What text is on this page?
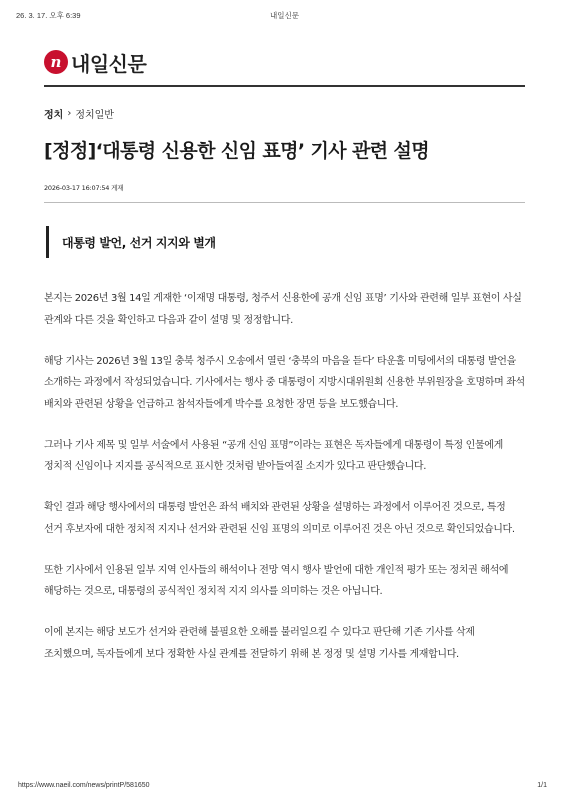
26. 3. 17. 오후 6:39	내일신문
n 내일신문
정치 › 정치일반
[정정]‘대통령 신용한 신임 표명’ 기사 관련 설명
2026-03-17 16:07:54 게재
대통령 발언, 선거 지지와 별개

본지는 2026년 3월 14일 게재한 ‘이재명 대통령, 청주서 신용한에 공개 신임 표명’ 기사와 관련해 일부 표현이 사실 관계와 다른 것을 확인하고 다음과 같이 설명 및 정정합니다.

해당 기사는 2026년 3월 13일 충북 청주시 오송에서 열린 ‘충북의 마음을 듣다’ 타운홀 미팅에서의 대통령 발언을 소개하는 과정에서 작성되었습니다. 기사에서는 행사 중 대통령이 지방시대위원회 신용한 부위원장을 호명하며 좌석 배치와 관련된 상황을 언급하고 참석자들에게 박수를 요청한 장면 등을 보도했습니다.

그러나 기사 제목 및 일부 서술에서 사용된 “공개 신임 표명”이라는 표현은 독자들에게 대통령이 특정 인물에게 정치적 신임이나 지지를 공식적으로 표시한 것처럼 받아들여질 소지가 있다고 판단했습니다.

확인 결과 해당 행사에서의 대통령 발언은 좌석 배치와 관련된 상황을 설명하는 과정에서 이루어진 것으로, 특정 선거 후보자에 대한 정치적 지지나 선거와 관련된 신임 표명의 의미로 이루어진 것은 아닌 것으로 확인되었습니다.

또한 기사에서 인용된 일부 지역 인사들의 해석이나 전망 역시 행사 발언에 대한 개인적 평가 또는 정치권 해석에 해당하는 것으로, 대통령의 공식적인 정치적 지지 의사를 의미하는 것은 아닙니다.

이에 본지는 해당 보도가 선거와 관련해 불필요한 오해를 불러일으킬 수 있다고 판단해 기존 기사를 삭제 조치했으며, 독자들에게 보다 정확한 사실 관계를 전달하기 위해 본 정정 및 설명 기사를 게재합니다.

https://www.naeil.com/news/printP/581650	1/1
